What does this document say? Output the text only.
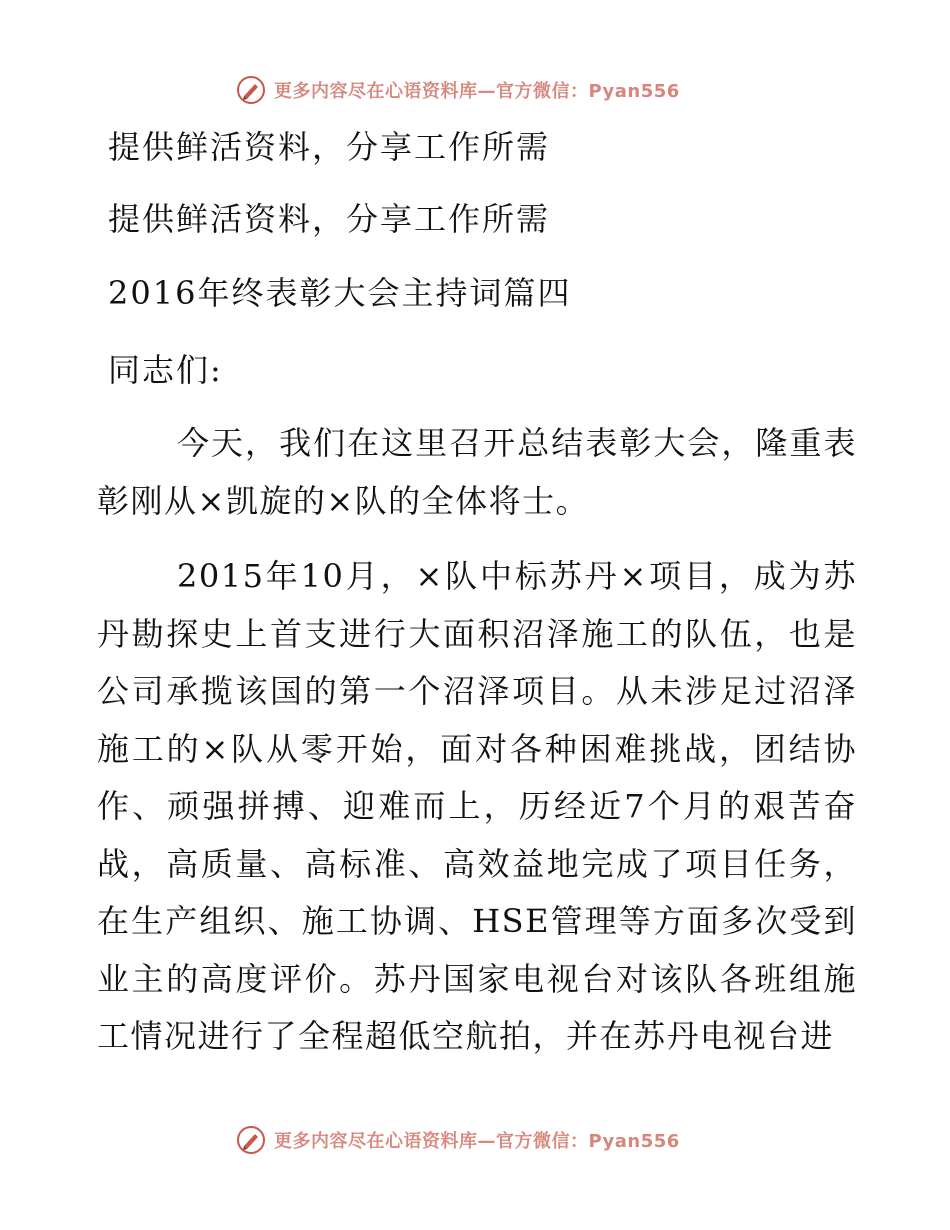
更多内容尽在心语资料库—官方微信：Pyan556
提供鲜活资料，分享工作所需
提供鲜活资料，分享工作所需
2016年终表彰大会主持词篇四
同志们:

今天，我们在这里召开总结表彰大会，隆重表彰刚从×凯旋的×队的全体将士。

2015年10月，×队中标苏丹×项目，成为苏丹勘探史上首支进行大面积沼泽施工的队伍，也是公司承揽该国的第一个沼泽项目。从未涉足过沼泽施工的×队从零开始，面对各种困难挑战，团结协作、顽强拼搏、迎难而上，历经近7个月的艰苦奋战，高质量、高标准、高效益地完成了项目任务，在生产组织、施工协调、HSE管理等方面多次受到业主的高度评价。苏丹国家电视台对该队各班组施工情况进行了全程超低空航拍，并在苏丹电视台进

更多内容尽在心语资料库—官方微信：Pyan556
